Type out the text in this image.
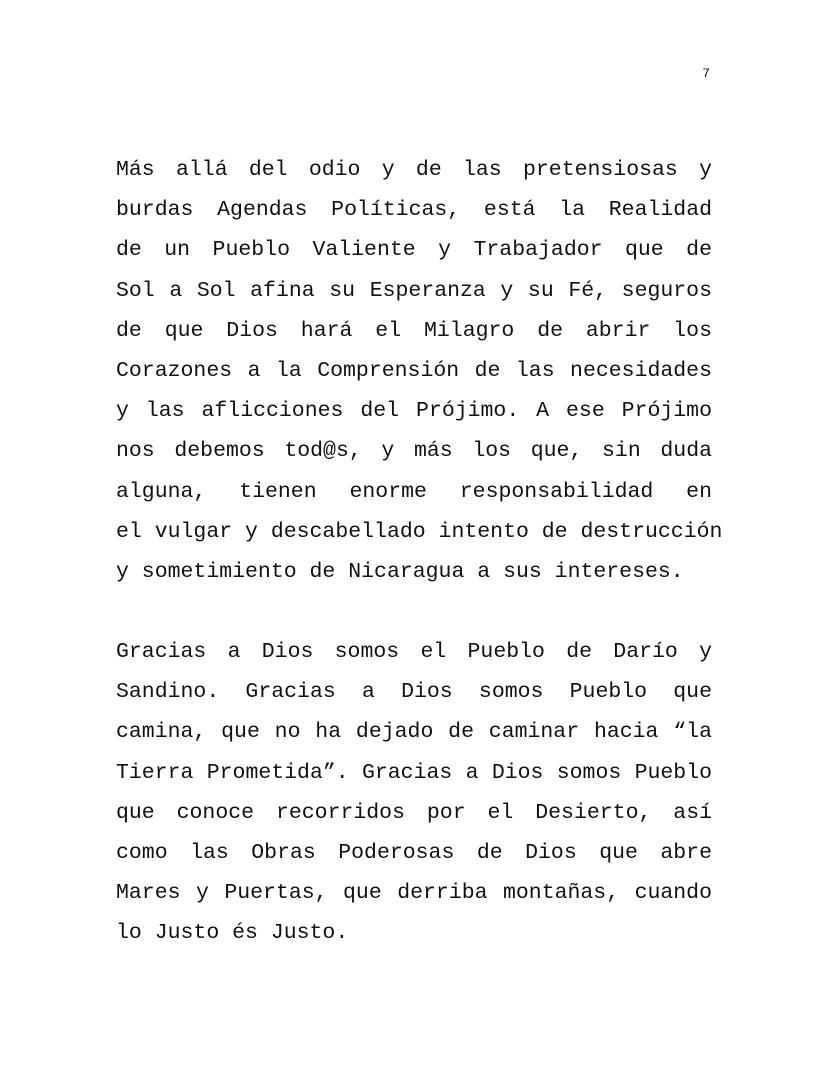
7
Más allá del odio y de las pretensiosas y
burdas Agendas Políticas, está la Realidad
de un Pueblo Valiente y Trabajador que de
Sol a Sol afina su Esperanza y su Fé, seguros
de que Dios hará el Milagro de abrir los
Corazones a la Comprensión de las necesidades
y las aflicciones del Prójimo. A ese Prójimo
nos debemos tod@s, y más los que, sin duda
alguna, tienen enorme responsabilidad en
el vulgar y descabellado intento de destrucción
y sometimiento de Nicaragua a sus intereses.
Gracias a Dios somos el Pueblo de Darío y
Sandino. Gracias a Dios somos Pueblo que
camina, que no ha dejado de caminar hacia “la
Tierra Prometida”. Gracias a Dios somos Pueblo
que conoce recorridos por el Desierto, así
como las Obras Poderosas de Dios que abre
Mares y Puertas, que derriba montañas, cuando
lo Justo és Justo.
